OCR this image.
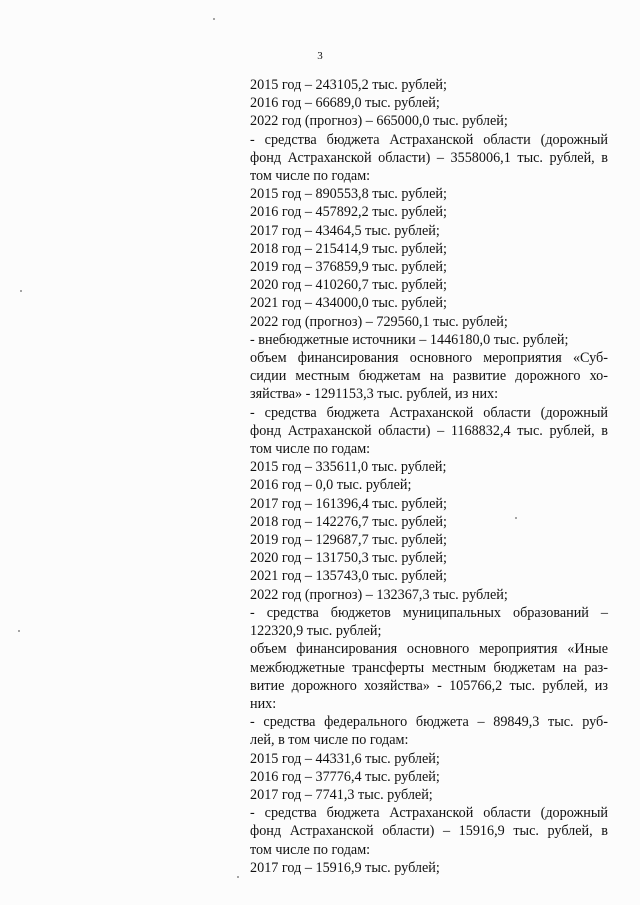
3
2015 год – 243105,2 тыс. рублей;
2016 год – 66689,0 тыс. рублей;
2022 год (прогноз) – 665000,0 тыс. рублей;
- средства бюджета Астраханской области (дорожный
фонд Астраханской области) – 3558006,1 тыс. рублей, в
том числе по годам:
2015 год – 890553,8 тыс. рублей;
2016 год – 457892,2 тыс. рублей;
2017 год – 43464,5 тыс. рублей;
2018 год – 215414,9 тыс. рублей;
2019 год – 376859,9 тыс. рублей;
2020 год – 410260,7 тыс. рублей;
2021 год – 434000,0 тыс. рублей;
2022 год (прогноз) – 729560,1 тыс. рублей;
- внебюджетные источники – 1446180,0 тыс. рублей;
объем финансирования основного мероприятия «Суб-
сидии местным бюджетам на развитие дорожного хо-
зяйства» - 1291153,3 тыс. рублей, из них:
- средства бюджета Астраханской области (дорожный
фонд Астраханской области) – 1168832,4 тыс. рублей, в
том числе по годам:
2015 год – 335611,0 тыс. рублей;
2016 год – 0,0 тыс. рублей;
2017 год – 161396,4 тыс. рублей;
2018 год – 142276,7 тыс. рублей;
2019 год – 129687,7 тыс. рублей;
2020 год – 131750,3 тыс. рублей;
2021 год – 135743,0 тыс. рублей;
2022 год (прогноз) – 132367,3 тыс. рублей;
- средства бюджетов муниципальных образований –
122320,9 тыс. рублей;
объем финансирования основного мероприятия «Иные
межбюджетные трансферты местным бюджетам на раз-
витие дорожного хозяйства» - 105766,2 тыс. рублей, из
них:
- средства федерального бюджета – 89849,3 тыс. руб-
лей, в том числе по годам:
2015 год – 44331,6 тыс. рублей;
2016 год – 37776,4 тыс. рублей;
2017 год – 7741,3 тыс. рублей;
- средства бюджета Астраханской области (дорожный
фонд Астраханской области) – 15916,9 тыс. рублей, в
том числе по годам:
2017 год – 15916,9 тыс. рублей;
